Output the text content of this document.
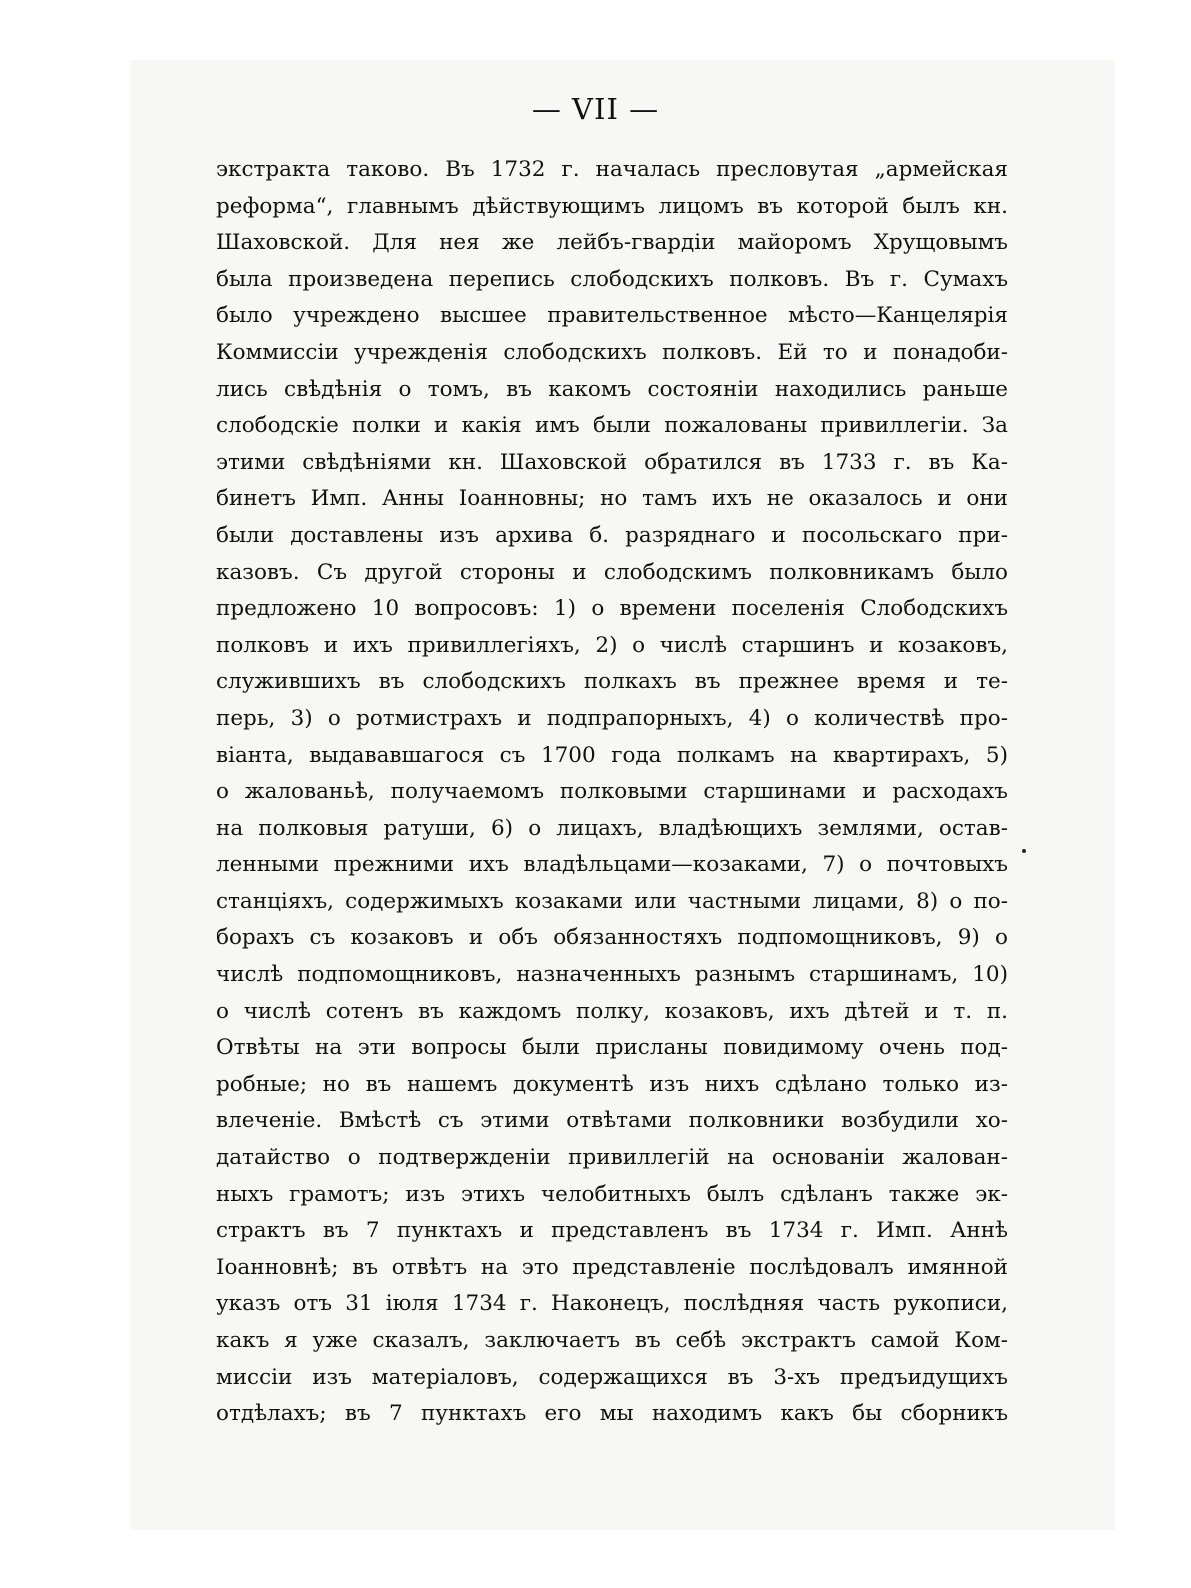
— VII —
экстракта таково. Въ 1732 г. началась пресловутая „армейская
реформа“, главнымъ дѣйствующимъ лицомъ въ которой былъ кн.
Шаховской. Для нея же лейбъ-гвардіи майоромъ Хрущовымъ
была произведена перепись слободскихъ полковъ. Въ г. Сумахъ
было учреждено высшее правительственное мѣсто—Канцелярія
Коммиссіи учрежденія слободскихъ полковъ. Ей то и понадоби-
лись свѣдѣнія о томъ, въ какомъ состояніи находились раньше
слободскіе полки и какія имъ были пожалованы привиллегіи. За
этими свѣдѣніями кн. Шаховской обратился въ 1733 г. въ Ка-
бинетъ Имп. Анны Іоанновны; но тамъ ихъ не оказалось и они
были доставлены изъ архива б. разряднаго и посольскаго при-
казовъ. Съ другой стороны и слободскимъ полковникамъ было
предложено 10 вопросовъ: 1) о времени поселенія Слободскихъ
полковъ и ихъ привиллегіяхъ, 2) о числѣ старшинъ и козаковъ,
служившихъ въ слободскихъ полкахъ въ прежнее время и те-
перь, 3) о ротмистрахъ и подпрапорныхъ, 4) о количествѣ про-
віанта, выдававшагося съ 1700 года полкамъ на квартирахъ, 5)
о жалованьѣ, получаемомъ полковыми старшинами и расходахъ
на полковыя ратуши, 6) о лицахъ, владѣющихъ землями, остав-
ленными прежними ихъ владѣльцами—козаками, 7) о почтовыхъ
станціяхъ, содержимыхъ козаками или частными лицами, 8) о по-
борахъ съ козаковъ и объ обязанностяхъ подпомощниковъ, 9) о
числѣ подпомощниковъ, назначенныхъ разнымъ старшинамъ, 10)
о числѣ сотенъ въ каждомъ полку, козаковъ, ихъ дѣтей и т. п.
Отвѣты на эти вопросы были присланы повидимому очень под-
робные; но въ нашемъ документѣ изъ нихъ сдѣлано только из-
влеченіе. Вмѣстѣ съ этими отвѣтами полковники возбудили хо-
датайство о подтвержденіи привиллегій на основаніи жалован-
ныхъ грамотъ; изъ этихъ челобитныхъ былъ сдѣланъ также эк-
страктъ въ 7 пунктахъ и представленъ въ 1734 г. Имп. Аннѣ
Іоанновнѣ; въ отвѣтъ на это представленіе послѣдовалъ имянной
указъ отъ 31 іюля 1734 г. Наконецъ, послѣдняя часть рукописи,
какъ я уже сказалъ, заключаетъ въ себѣ экстрактъ самой Ком-
миссіи изъ матеріаловъ, содержащихся въ 3-хъ предъидущихъ
отдѣлахъ; въ 7 пунктахъ его мы находимъ какъ бы сборникъ
